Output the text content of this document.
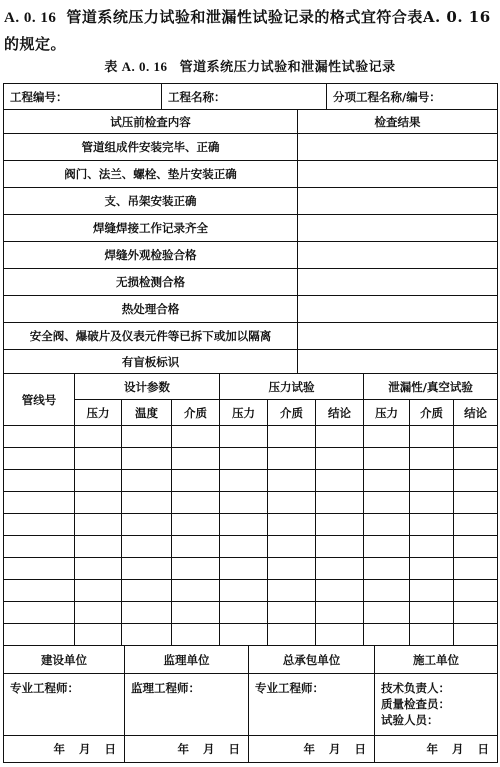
A. 0. 16 管道系统压力试验和泄漏性试验记录的格式宜符合表A. 0. 16 的规定。
表 A. 0. 16 管道系统压力试验和泄漏性试验记录
工程编号：	工程名称：	分项工程名称/编号：
试压前检查内容	检查结果
管道组成件安装完毕、正确	
阀门、法兰、螺栓、垫片安装正确	
支、吊架安装正确	
焊缝焊接工作记录齐全	
焊缝外观检验合格	
无损检测合格	
热处理合格	
安全阀、爆破片及仪表元件等已拆下或加以隔离	
有盲板标识	
管线号	设计参数			压力试验			泄漏性/真空试验		
	压力	温度	介质	压力	介质	结论	压力	介质	结论

建设单位	监理单位	总承包单位	施工单位
专业工程师：	监理工程师：	专业工程师：	技术负责人：
质量检查员：
试验人员：

年 月 日	年 月 日	年 月 日	年 月 日
